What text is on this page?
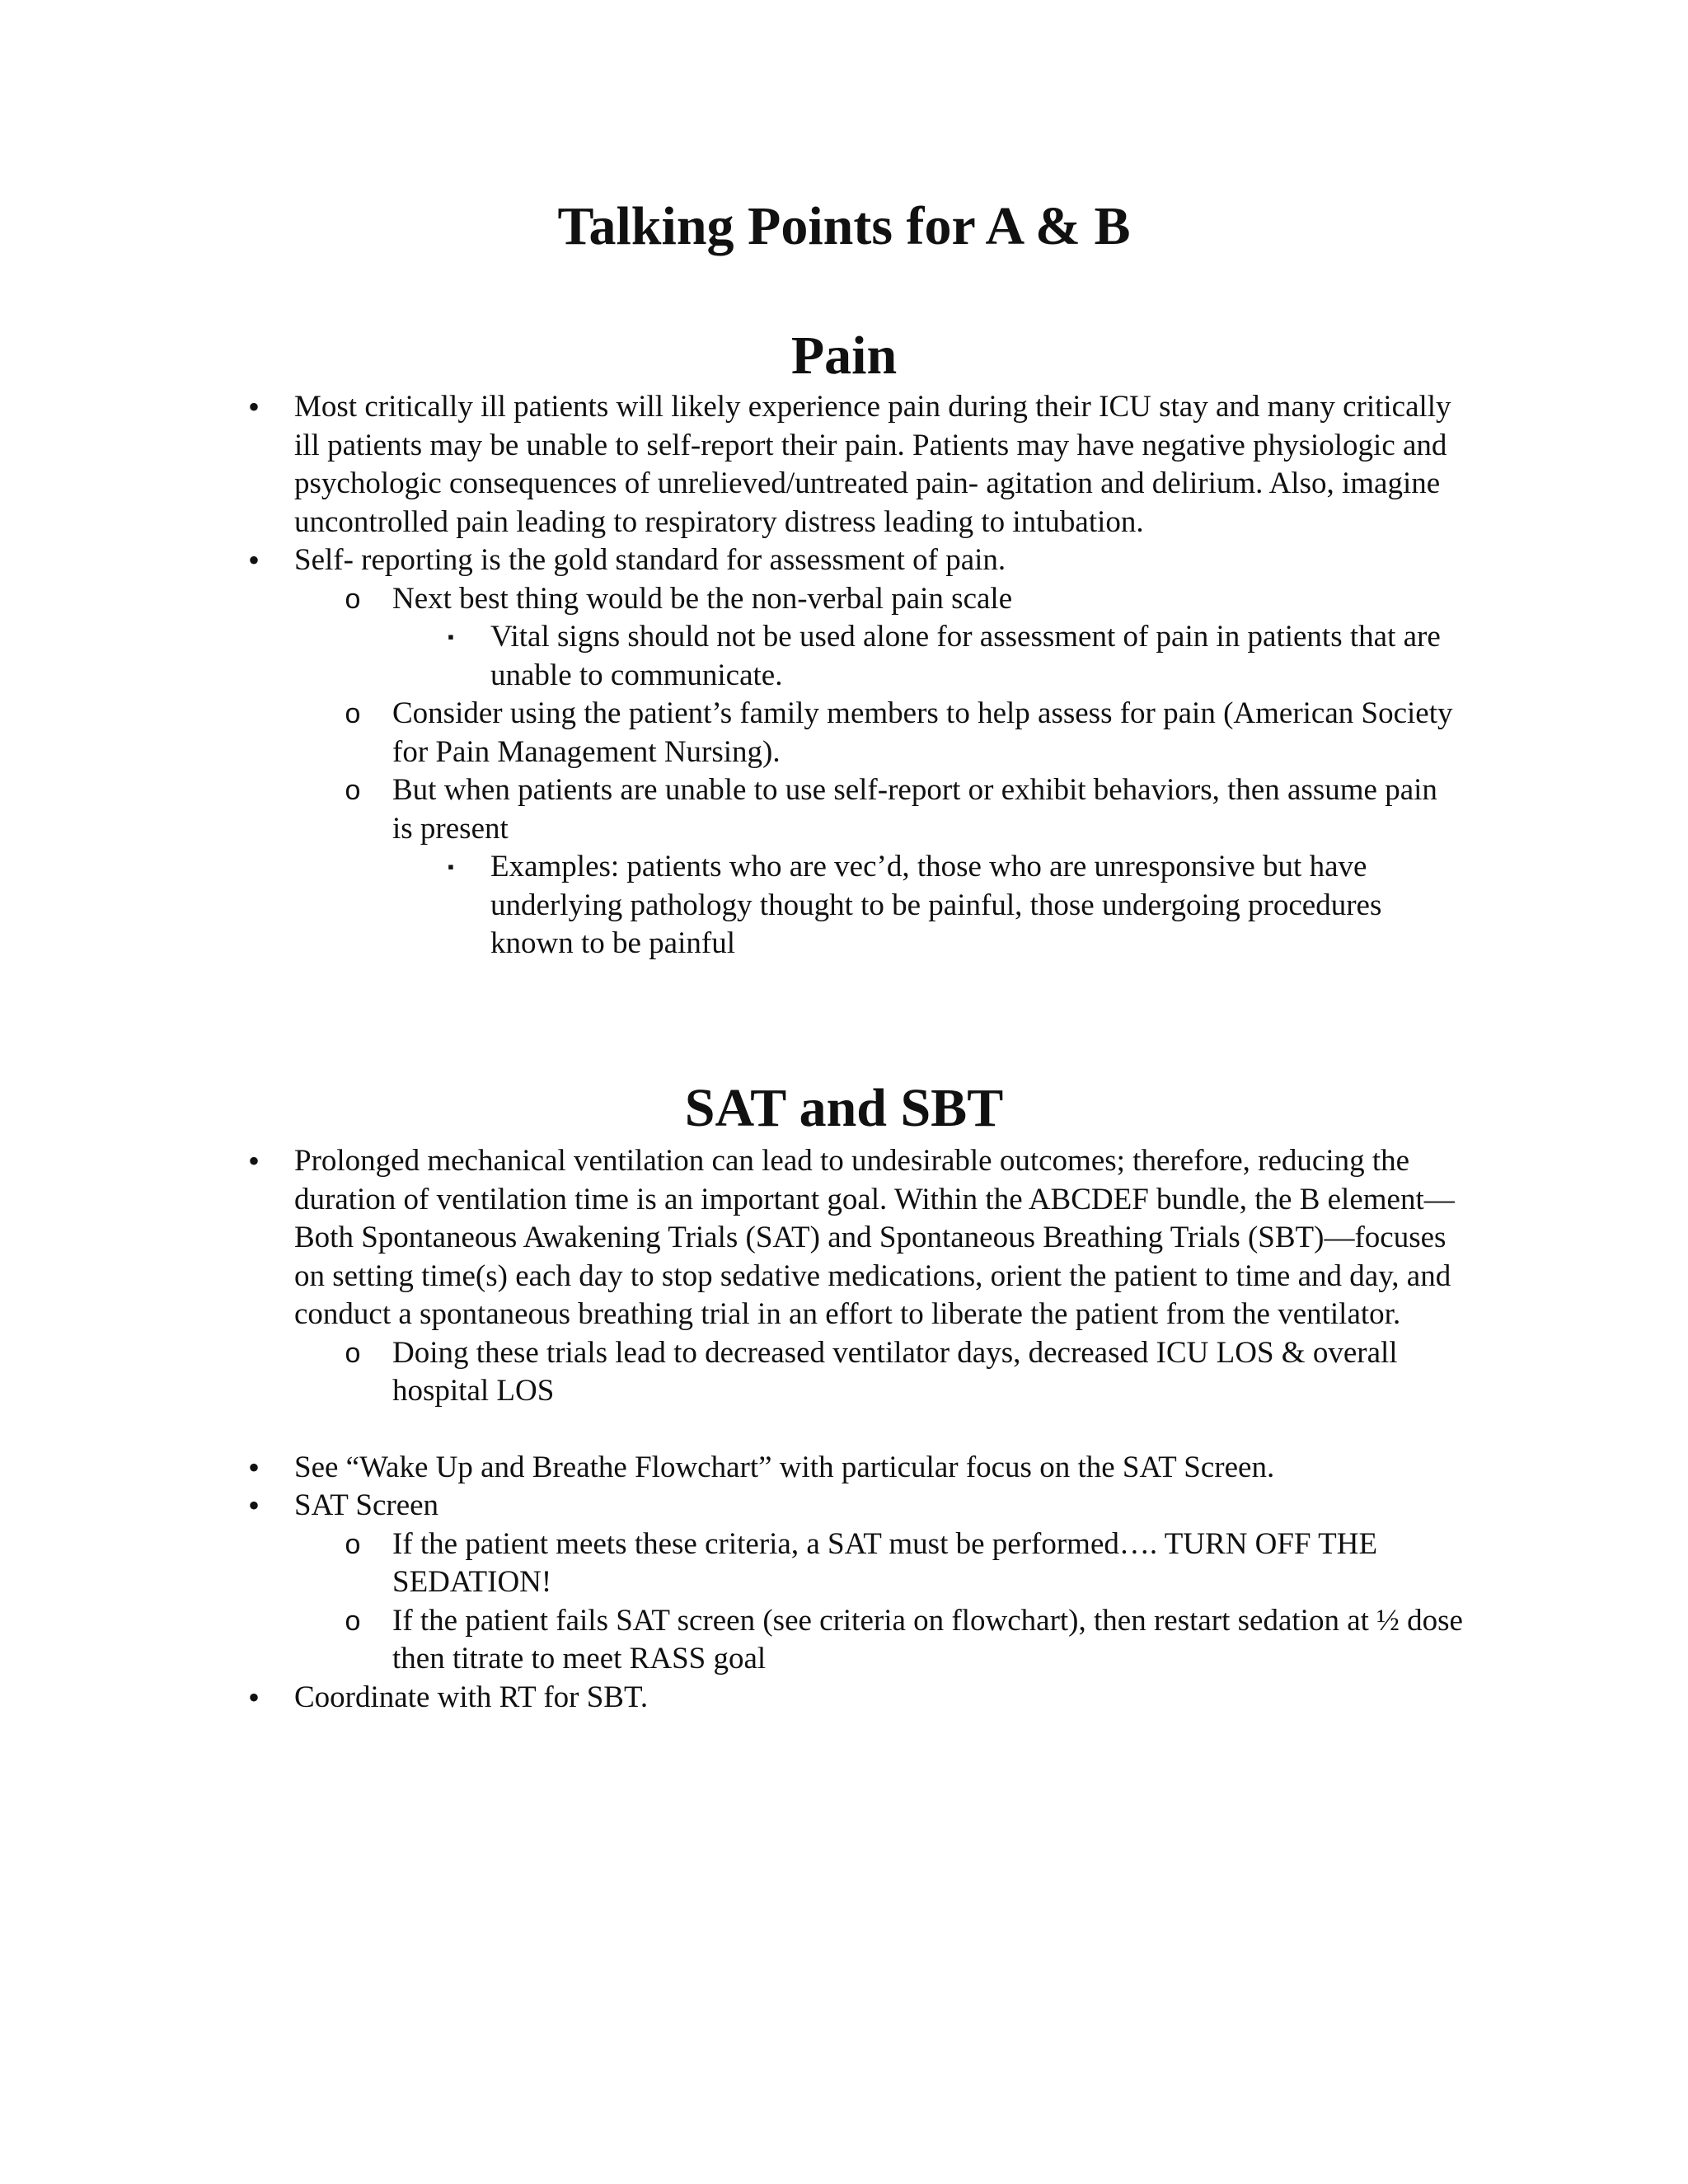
Talking Points for A & B
Pain
• Most critically ill patients will likely experience pain during their ICU stay and many critically ill patients may be unable to self-report their pain. Patients may have negative physiologic and psychologic consequences of unrelieved/untreated pain- agitation and delirium. Also, imagine uncontrolled pain leading to respiratory distress leading to intubation.
• Self- reporting is the gold standard for assessment of pain.
o Next best thing would be the non-verbal pain scale
▪	Vital signs should not be used alone for assessment of pain in patients that are unable to communicate.
o Consider using the patient’s family members to help assess for pain (American Society for Pain Management Nursing).
o But when patients are unable to use self-report or exhibit behaviors, then assume pain is present
▪	Examples: patients who are vec’d, those who are unresponsive but have underlying pathology thought to be painful, those undergoing procedures known to be painful
SAT and SBT
• Prolonged mechanical ventilation can lead to undesirable outcomes; therefore, reducing the duration of ventilation time is an important goal. Within the ABCDEF bundle, the B element—Both Spontaneous Awakening Trials (SAT) and Spontaneous Breathing Trials (SBT)—focuses on setting time(s) each day to stop sedative medications, orient the patient to time and day, and conduct a spontaneous breathing trial in an effort to liberate the patient from the ventilator.
o Doing these trials lead to decreased ventilator days, decreased ICU LOS & overall hospital LOS
• See “Wake Up and Breathe Flowchart” with particular focus on the SAT Screen.
• SAT Screen
o If the patient meets these criteria, a SAT must be performed…. TURN OFF THE SEDATION!
o If the patient fails SAT screen (see criteria on flowchart), then restart sedation at ½ dose then titrate to meet RASS goal
• Coordinate with RT for SBT.
